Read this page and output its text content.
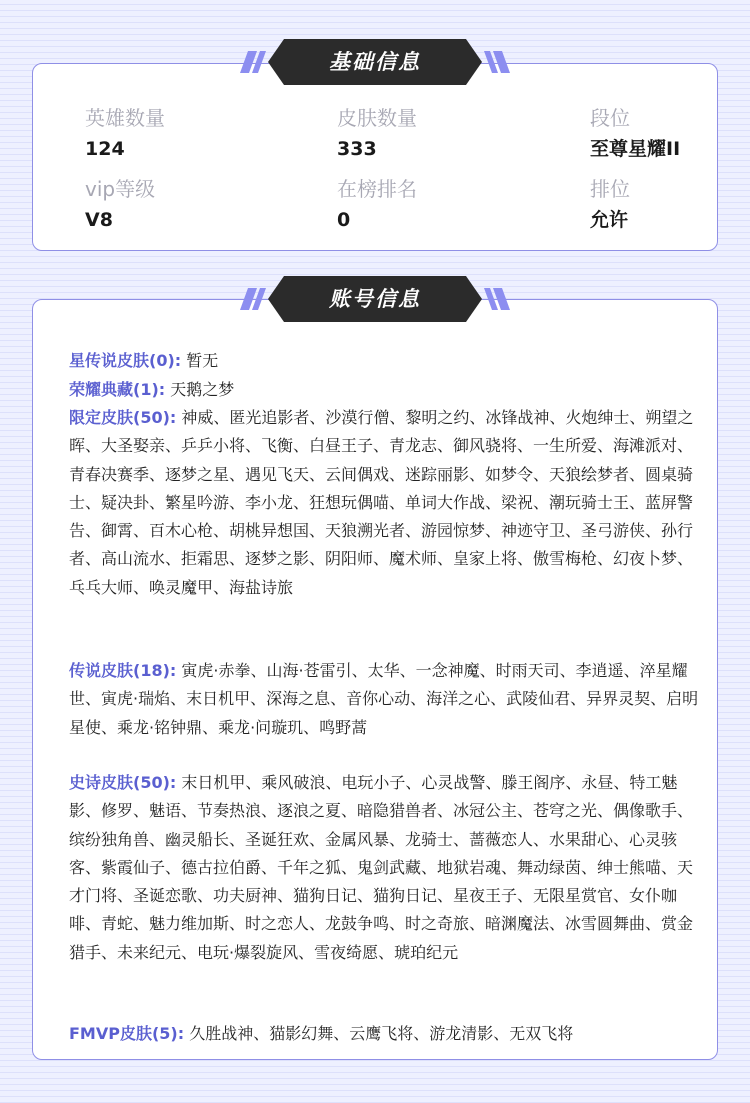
英雄数量
124
皮肤数量
333
段位
至尊星耀II
vip等级
V8
在榜排名
0
排位
允许
星传说皮肤(0): 暂无
荣耀典藏(1): 天鹅之梦
限定皮肤(50): 神威、匿光追影者、沙漠行僧、黎明之约、冰锋战神、火炮绅士、朔望之晖、大圣娶亲、乒乒小将、飞衡、白昼王子、青龙志、御风骁将、一生所爱、海滩派对、青春决赛季、逐梦之星、遇见飞天、云间偶戏、迷踪丽影、如梦令、天狼绘梦者、圆桌骑士、疑决卦、繁星吟游、李小龙、狂想玩偶喵、单词大作战、梁祝、潮玩骑士王、蓝屏警告、御霄、百木心枪、胡桃异想国、天狼溯光者、游园惊梦、神迹守卫、圣弓游侠、孙行者、高山流水、拒霜思、逐梦之影、阴阳师、魔术师、皇家上将、傲雪梅枪、幻夜卜梦、乓乓大师、唤灵魔甲、海盐诗旅
传说皮肤(18): 寅虎·赤拳、山海·苍雷引、太华、一念神魔、时雨天司、李逍遥、淬星耀世、寅虎·瑞焰、末日机甲、深海之息、音你心动、海洋之心、武陵仙君、异界灵契、启明星使、乘龙·铭钟鼎、乘龙·问璇玑、鸣野蒿
史诗皮肤(50): 末日机甲、乘风破浪、电玩小子、心灵战警、滕王阁序、永昼、特工魅影、修罗、魅语、节奏热浪、逐浪之夏、暗隐猎兽者、冰冠公主、苍穹之光、偶像歌手、缤纷独角兽、幽灵船长、圣诞狂欢、金属风暴、龙骑士、蔷薇恋人、水果甜心、心灵骇客、紫霞仙子、德古拉伯爵、千年之狐、鬼剑武藏、地狱岩魂、舞动绿茵、绅士熊喵、天才门将、圣诞恋歌、功夫厨神、猫狗日记、猫狗日记、星夜王子、无限星赏官、女仆咖啡、青蛇、魅力维加斯、时之恋人、龙鼓争鸣、时之奇旅、暗渊魔法、冰雪圆舞曲、赏金猎手、未来纪元、电玩·爆裂旋风、雪夜绮愿、琥珀纪元
FMVP皮肤(5): 久胜战神、猫影幻舞、云鹰飞将、游龙清影、无双飞将
基础信息
账号信息
